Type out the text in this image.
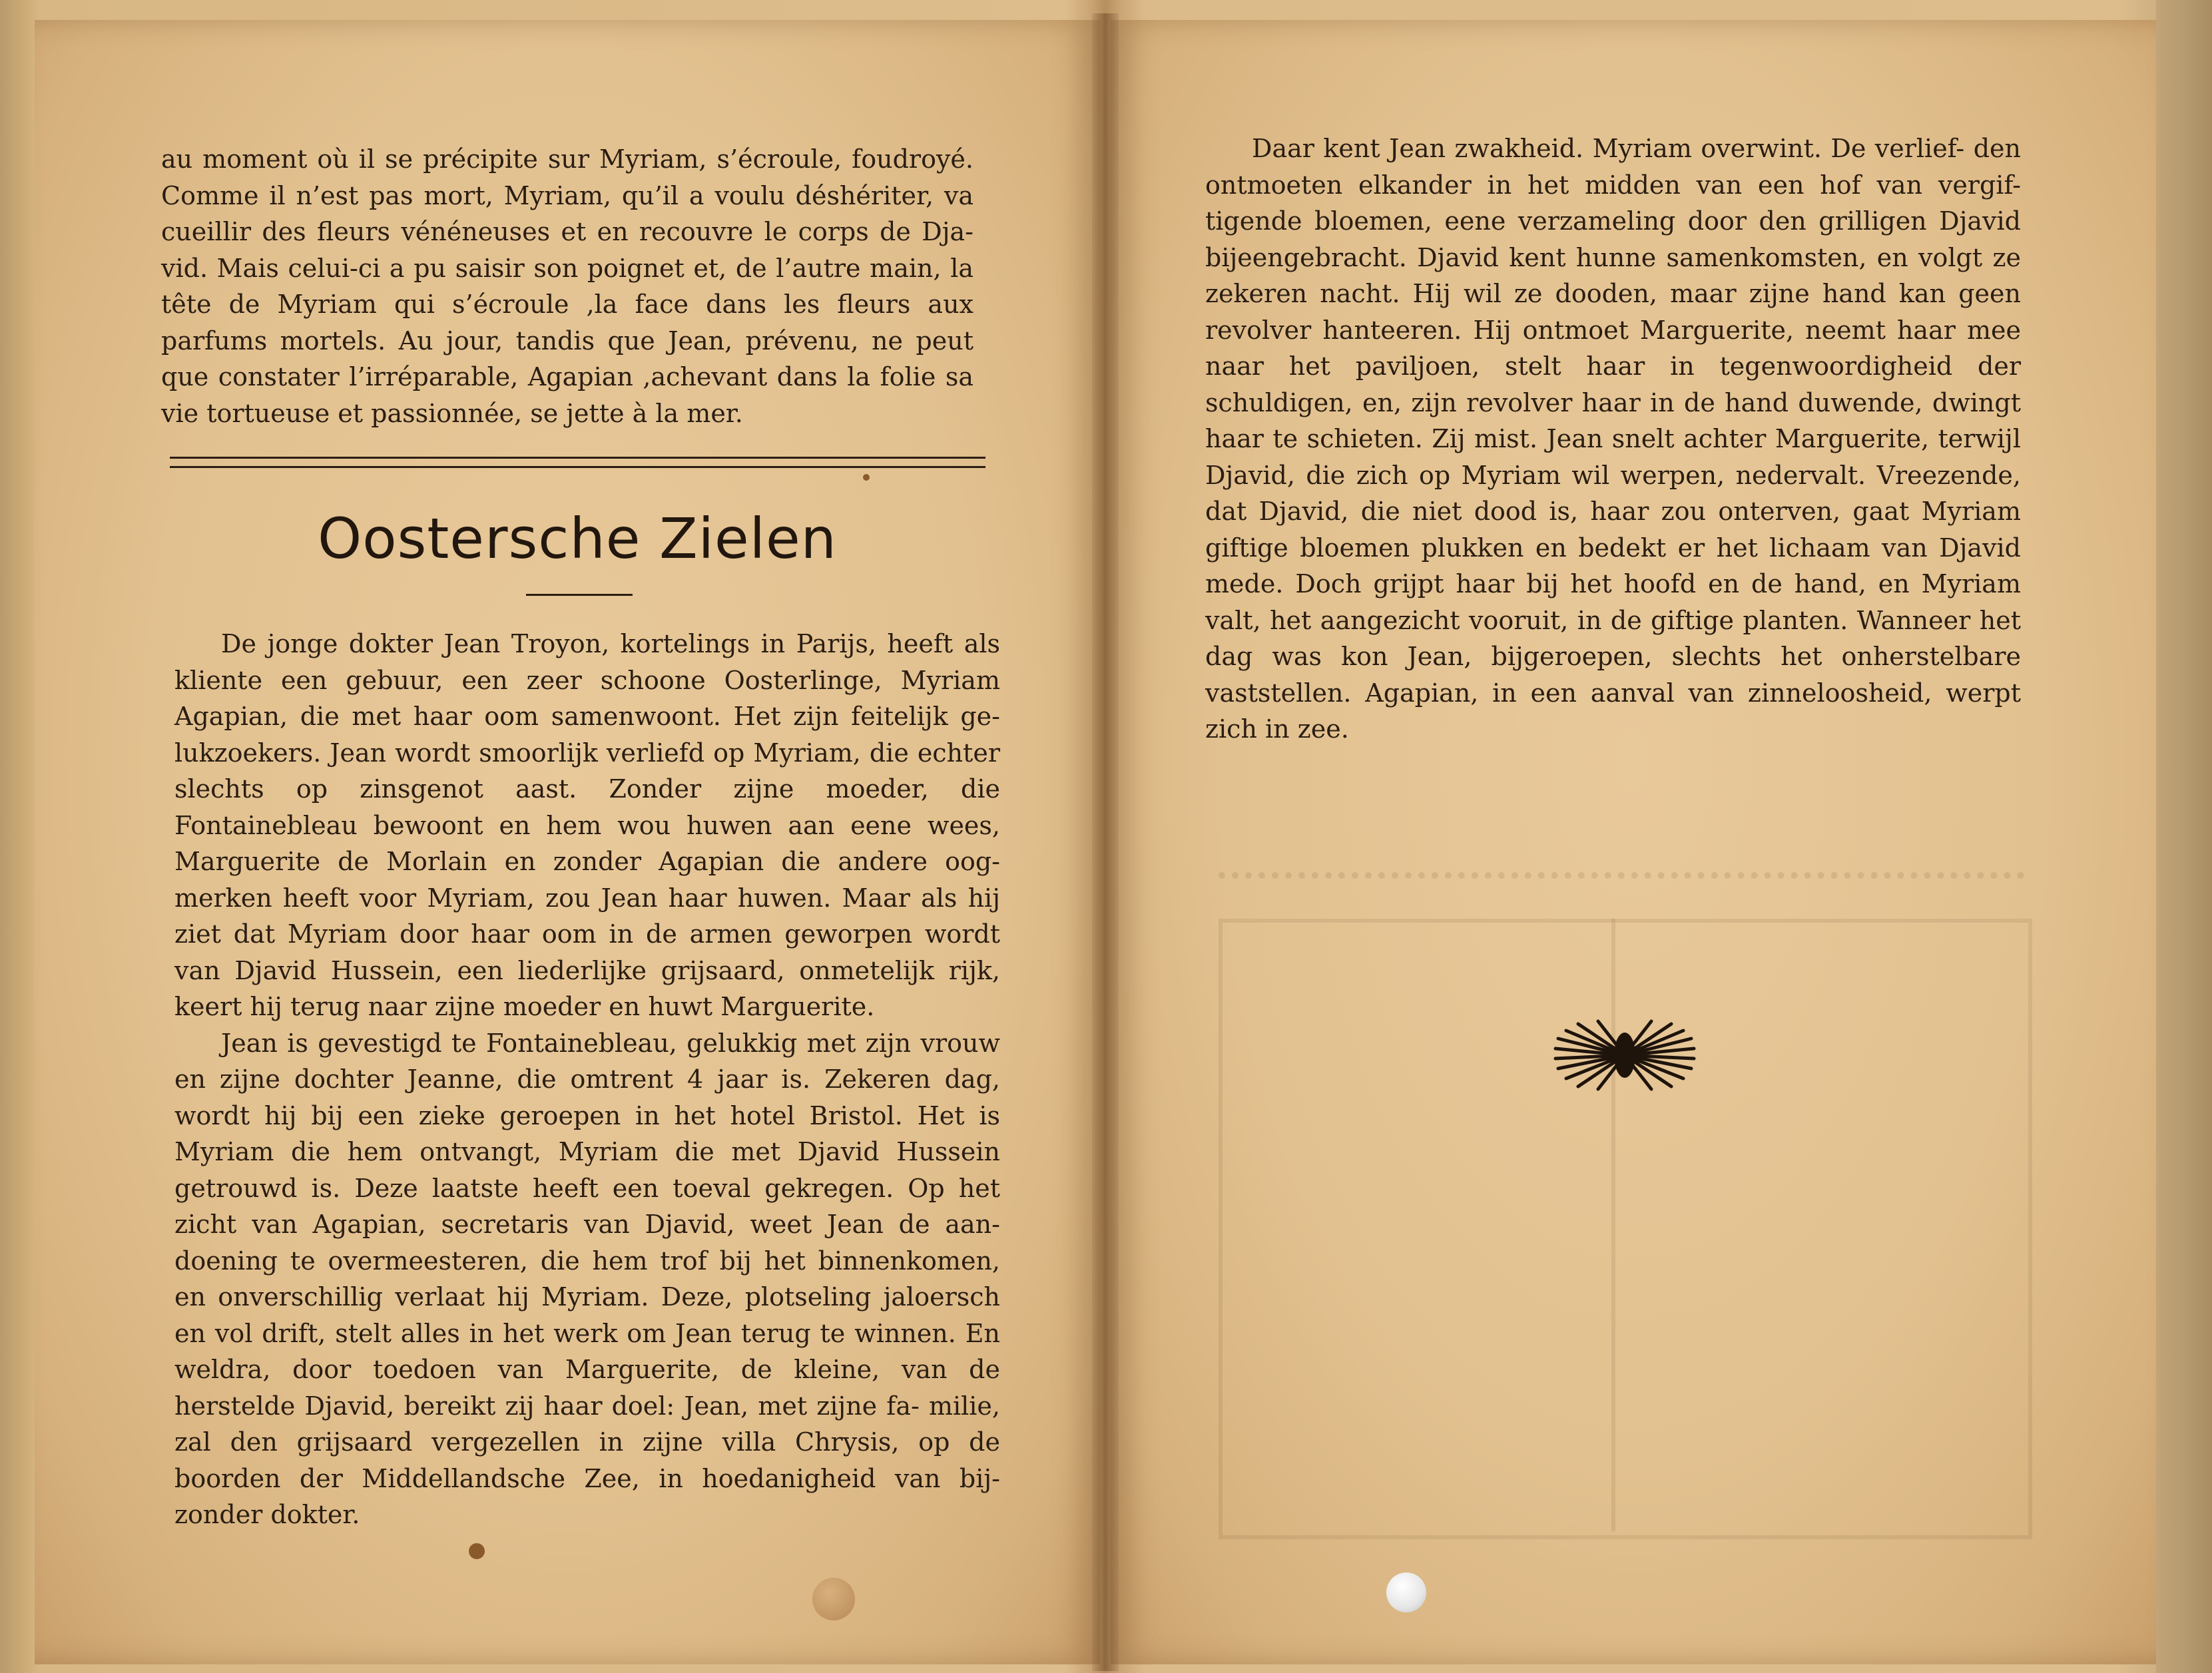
au moment où il se précipite sur Myriam, s’écroule, foudroyé. Comme il n’est pas mort, Myriam, qu’il a voulu déshériter, va cueillir des fleurs vénéneuses et en recouvre le corps de Dja- vid. Mais celui-ci a pu saisir son poignet et, de l’autre main, la tête de Myriam qui s’écroule ,la face dans les fleurs aux parfums mortels. Au jour, tandis que Jean, prévenu, ne peut que constater l’irréparable, Agapian ,achevant dans la folie sa vie tortueuse et passionnée, se jette à la mer.
Oostersche Zielen

De jonge dokter Jean Troyon, kortelings in Parijs, heeft als kliente een gebuur, een zeer schoone Oosterlinge, Myriam Agapian, die met haar oom samenwoont. Het zijn feitelijk ge- lukzoekers. Jean wordt smoorlijk verliefd op Myriam, die echter slechts op zinsgenot aast. Zonder zijne moeder, die Fontainebleau bewoont en hem wou huwen aan eene wees, Marguerite de Morlain en zonder Agapian die andere oog- merken heeft voor Myriam, zou Jean haar huwen. Maar als hij ziet dat Myriam door haar oom in de armen geworpen wordt van Djavid Hussein, een liederlijke grijsaard, onmetelijk rijk, keert hij terug naar zijne moeder en huwt Marguerite.

Jean is gevestigd te Fontainebleau, gelukkig met zijn vrouw en zijne dochter Jeanne, die omtrent 4 jaar is. Zekeren dag, wordt hij bij een zieke geroepen in het hotel Bristol. Het is Myriam die hem ontvangt, Myriam die met Djavid Hussein getrouwd is. Deze laatste heeft een toeval gekregen. Op het zicht van Agapian, secretaris van Djavid, weet Jean de aan- doening te overmeesteren, die hem trof bij het binnenkomen, en onverschillig verlaat hij Myriam. Deze, plotseling jaloersch en vol drift, stelt alles in het werk om Jean terug te winnen. En weldra, door toedoen van Marguerite, de kleine, van de herstelde Djavid, bereikt zij haar doel: Jean, met zijne fa- milie, zal den grijsaard vergezellen in zijne villa Chrysis, op de boorden der Middellandsche Zee, in hoedanigheid van bij- zonder dokter.

Daar kent Jean zwakheid. Myriam overwint. De verlief- den ontmoeten elkander in het midden van een hof van vergif- tigende bloemen, eene verzameling door den grilligen Djavid bijeengebracht. Djavid kent hunne samenkomsten, en volgt ze zekeren nacht. Hij wil ze dooden, maar zijne hand kan geen revolver hanteeren. Hij ontmoet Marguerite, neemt haar mee naar het paviljoen, stelt haar in tegenwoordigheid der schuldigen, en, zijn revolver haar in de hand duwende, dwingt haar te schieten. Zij mist. Jean snelt achter Marguerite, terwijl Djavid, die zich op Myriam wil werpen, nedervalt. Vreezende, dat Djavid, die niet dood is, haar zou onterven, gaat Myriam giftige bloemen plukken en bedekt er het lichaam van Djavid mede. Doch grijpt haar bij het hoofd en de hand, en Myriam valt, het aangezicht vooruit, in de giftige planten. Wanneer het dag was kon Jean, bijgeroepen, slechts het onherstelbare vaststellen. Agapian, in een aanval van zinneloosheid, werpt zich in zee.
